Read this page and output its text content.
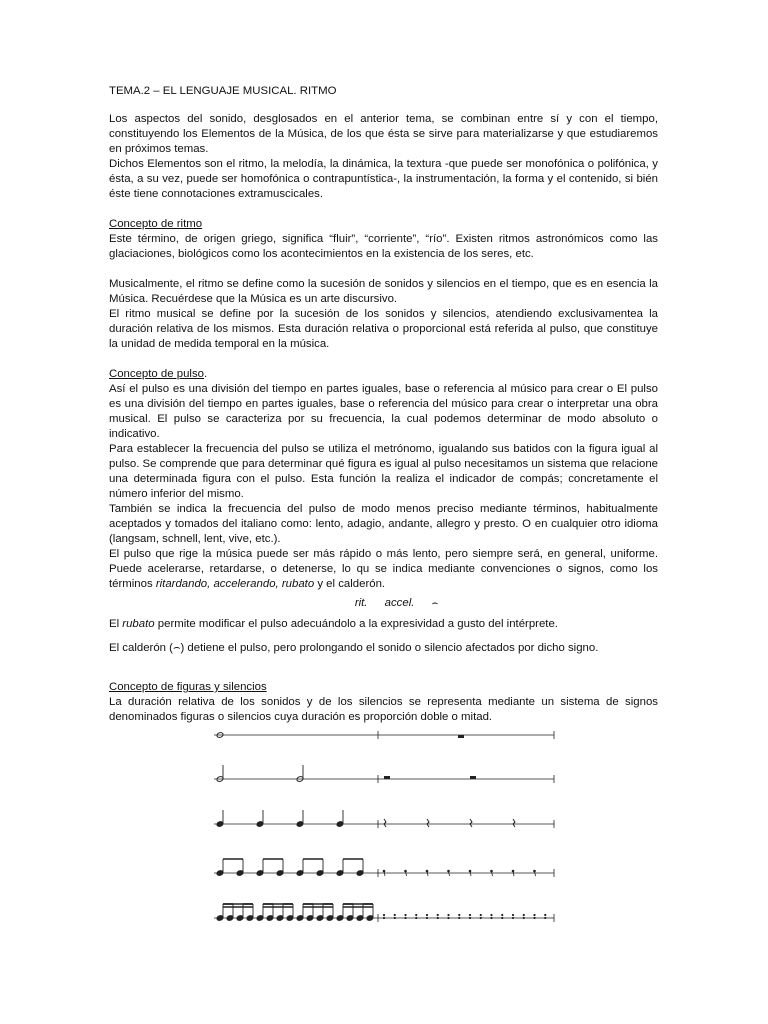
TEMA.2 – EL LENGUAJE MUSICAL. RITMO

Los aspectos del sonido, desglosados en el anterior tema, se combinan entre sí y con el tiempo, constituyendo los Elementos de la Música, de los que ésta se sirve para materializarse y que estudiaremos en próximos temas.

Dichos Elementos son el ritmo, la melodía, la dinámica, la textura -que puede ser monofónica o polifónica, y ésta, a su vez, puede ser homofónica o contrapuntística-, la instrumentación, la forma y el contenido, si bién éste tiene connotaciones extramuscicales.

Concepto de ritmo

Este término, de origen griego, significa “fluir”, “corriente”, “río”. Existen ritmos astronómicos como las glaciaciones, biológicos como los acontecimientos en la existencia de los seres, etc.

Musicalmente, el ritmo se define como la sucesión de sonidos y silencios en el tiempo, que es en esencia la Música. Recuérdese que la Música es un arte discursivo.

El ritmo musical se define por la sucesión de los sonidos y silencios, atendiendo exclusivamentea la duración relativa de los mismos. Esta duración relativa o proporcional está referida al pulso, que constituye la unidad de medida temporal en la música.

Concepto de pulso.

Así el pulso es una división del tiempo en partes iguales, base o referencia al músico para crear o El pulso es una división del tiempo en partes iguales, base o referencia del músico para crear o interpretar una obra musical. El pulso se caracteriza por su frecuencia, la cual podemos determinar de modo absoluto o indicativo.

Para establecer la frecuencia del pulso se utiliza el metrónomo, igualando sus batidos con la figura igual al pulso. Se comprende que para determinar qué figura es igual al pulso necesitamos un sistema que relacione una determinada figura con el pulso. Esta función la realiza el indicador de compás; concretamente el número inferior del mismo.

También se indica la frecuencia del pulso de modo menos preciso mediante términos, habitualmente aceptados y tomados del italiano como: lento, adagio, andante, allegro y presto. O en cualquier otro idioma (langsam, schnell, lent, vive, etc.).

El pulso que rige la música puede ser más rápido o más lento, pero siempre será, en general, uniforme. Puede acelerarse, retardarse, o detenerse, lo qu se indica mediante convenciones o signos, como los términos ritardando, accelerando, rubato y el calderón.

rit. accel. ⌢

El rubato permite modificar el pulso adecuándolo a la expresividad a gusto del intérprete.

El calderón (⌢) detiene el pulso, pero prolongando el sonido o silencio afectados por dicho signo.

Concepto de figuras y silencios

La duración relativa de los sonidos y de los silencios se representa mediante un sistema de signos denominados figuras o silencios cuya duración es proporción doble o mitad.
